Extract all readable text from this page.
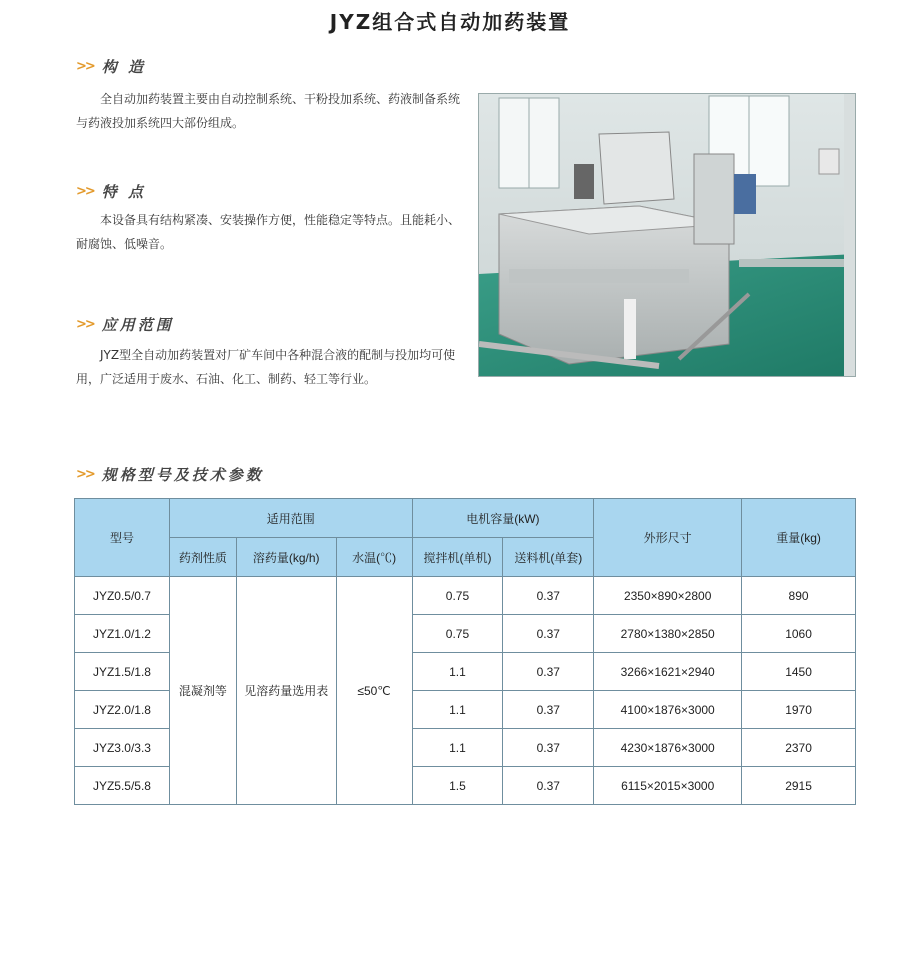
JYZ组合式自动加药装置
>> 构 造
全自动加药装置主要由自动控制系统、干粉投加系统、药液制备系统与药液投加系统四大部份组成。
>> 特 点
本设备具有结构紧凑、安装操作方便，性能稳定等特点。且能耗小、耐腐蚀、低噪音。
>> 应用范围
JYZ型全自动加药装置对厂矿车间中各种混合液的配制与投加均可使用，广泛适用于废水、石油、化工、制药、轻工等行业。
>> 规格型号及技术参数
型号	适用范围			电机容量(kW)		外形尺寸	重量(kg)
	药剂性质	溶药量(kg/h)	水温(℃)	搅拌机(单机)	送料机(单套)		
JYZ0.5/0.7	混凝剂等	见溶药量选用表	≤50℃	0.75	0.37	2350×890×2800	890
JYZ1.0/1.2				0.75	0.37	2780×1380×2850	1060
JYZ1.5/1.8				1.1	0.37	3266×1621×2940	1450
JYZ2.0/1.8				1.1	0.37	4100×1876×3000	1970
JYZ3.0/3.3				1.1	0.37	4230×1876×3000	2370
JYZ5.5/5.8				1.5	0.37	6115×2015×3000	2915
